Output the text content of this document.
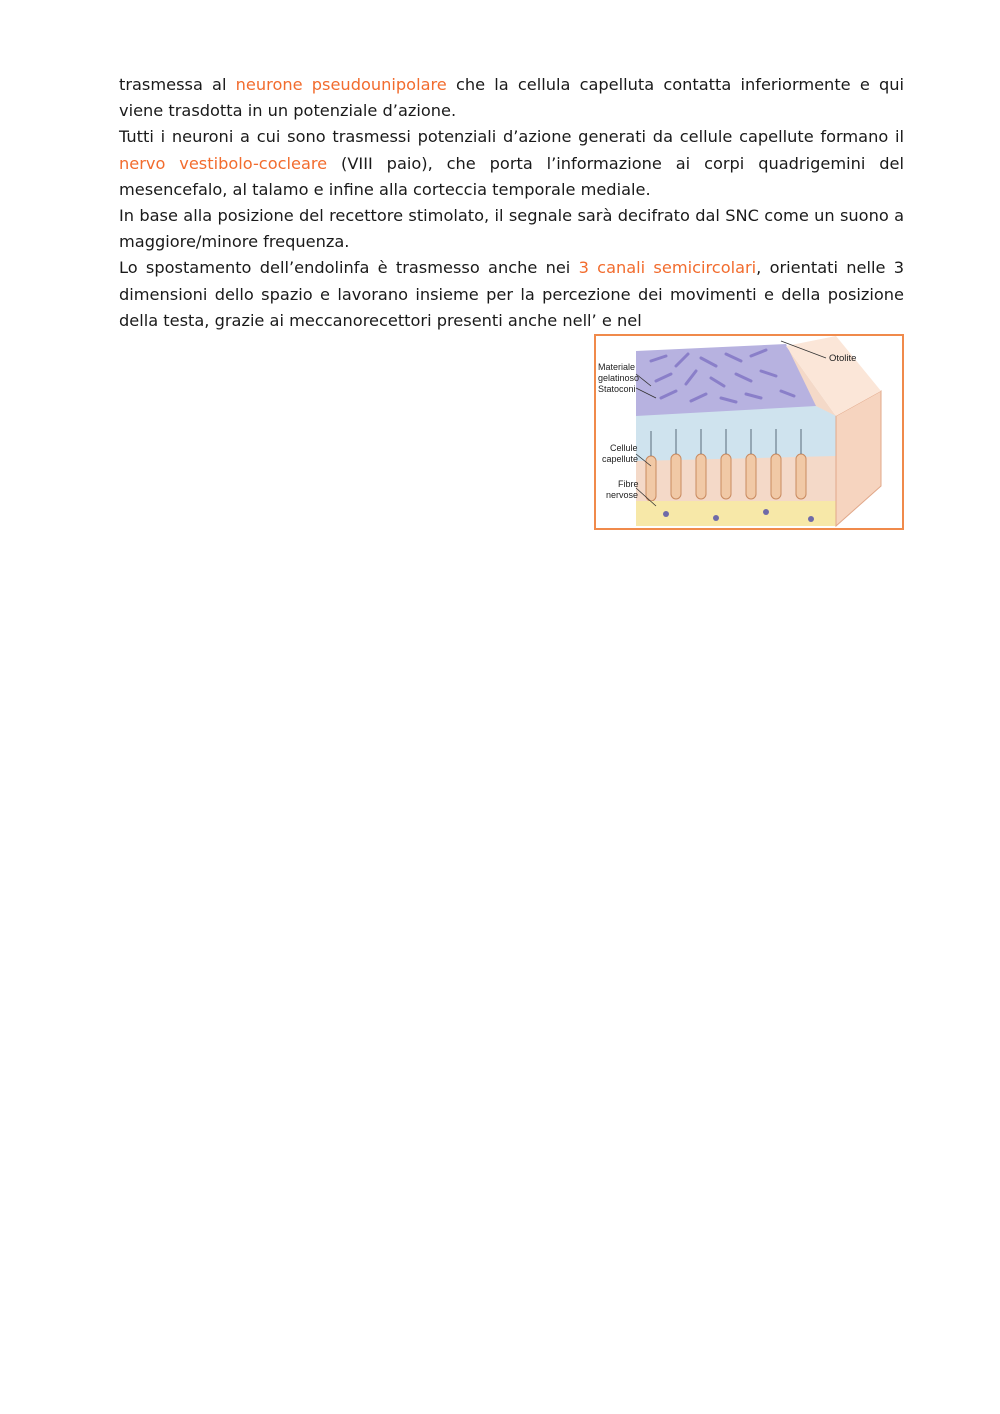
trasmessa al neurone pseudounipolare che la cellula capelluta contatta inferiormente e qui viene trasdotta in un potenziale d’azione.

Tutti i neuroni a cui sono trasmessi potenziali d’azione generati da cellule capellute formano il nervo vestibolo-cocleare (VIII paio), che porta l’informazione ai corpi quadrigemini del mesencefalo, al talamo e infine alla corteccia temporale mediale.

In base alla posizione del recettore stimolato, il segnale sarà decifrato dal SNC come un suono a maggiore/minore frequenza.

Lo spostamento dell’endolinfa è trasmesso anche nei 3 canali semicircolari, orientati nelle 3 dimensioni dello spazio e lavorano insieme per la percezione dei movimenti e della posizione della testa, grazie ai meccanorecettori presenti anche nell’
Otolite
Materiale
gelatinoso
Statoconi
Cellule
capellute
Fibre
nervose
e nel
